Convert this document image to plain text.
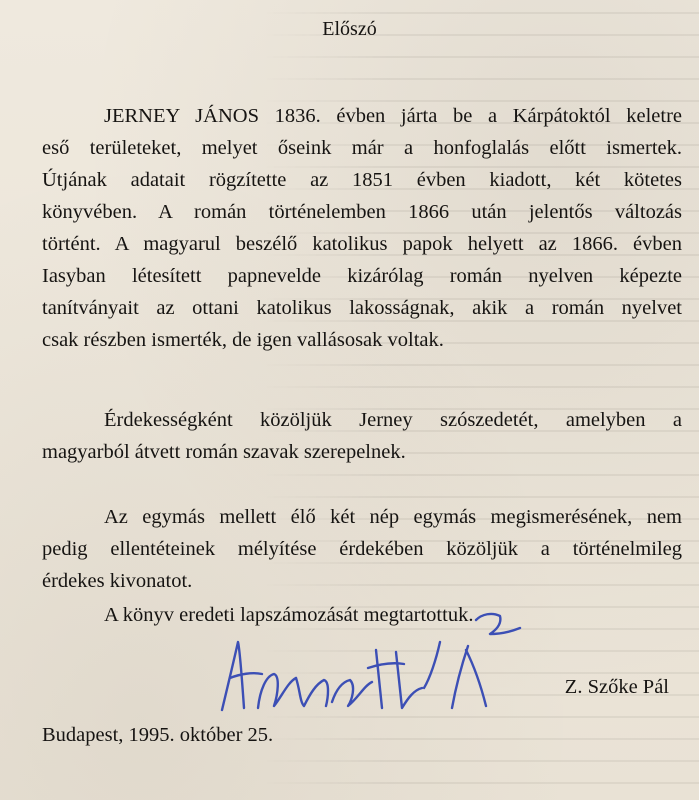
Előszó
JERNEY JÁNOS 1836. évben járta be a Kárpátoktól keletre
eső területeket, melyet őseink már a honfoglalás előtt ismertek.
Útjának adatait rögzítette az 1851 évben kiadott, két kötetes
könyvében. A román történelemben 1866 után jelentős változás
történt. A magyarul beszélő katolikus papok helyett az 1866. évben
Iasyban létesített papnevelde kizárólag román nyelven képezte
tanítványait az ottani katolikus lakosságnak, akik a román nyelvet
csak részben ismerték, de igen vallásosak voltak.
Érdekességként közöljük Jerney szószedetét, amelyben a
magyarból átvett román szavak szerepelnek.
Az egymás mellett élő két nép egymás megismerésének, nem
pedig ellentéteinek mélyítése érdekében közöljük a történelmileg
érdekes kivonatot.
A könyv eredeti lapszámozását megtartottuk.
Z. Szőke Pál
Budapest, 1995. október 25.
